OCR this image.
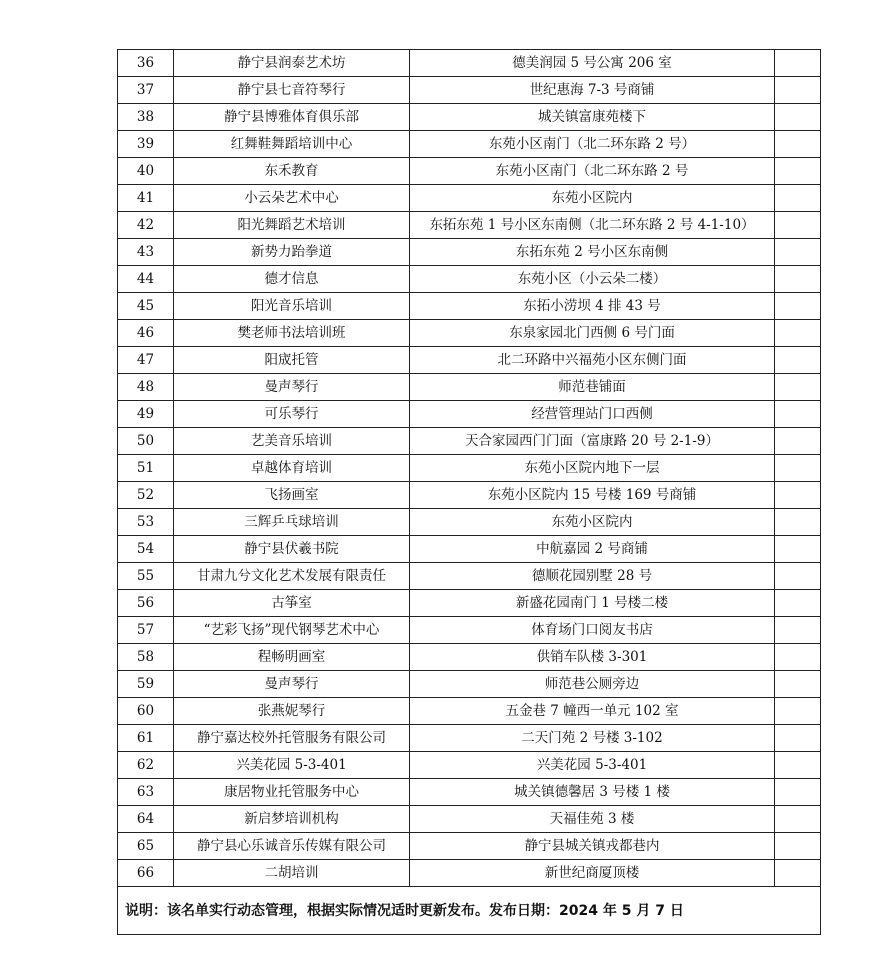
36	静宁县润泰艺术坊	德美润园 5 号公寓 206 室	
37	静宁县七音符琴行	世纪惠海 7-3 号商铺	
38	静宁县博雅体育俱乐部	城关镇富康苑楼下	
39	红舞鞋舞蹈培训中心	东苑小区南门（北二环东路 2 号）	
40	东禾教育	东苑小区南门（北二环东路 2 号	
41	小云朵艺术中心	东苑小区院内	
42	阳光舞蹈艺术培训	东拓东苑 1 号小区东南侧（北二环东路 2 号 4-1-10）	
43	新势力跆拳道	东拓东苑 2 号小区东南侧	
44	德才信息	东苑小区（小云朵二楼）	
45	阳光音乐培训	东拓小涝坝 4 排 43 号	
46	樊老师书法培训班	东泉家园北门西侧 6 号门面	
47	阳宬托管	北二环路中兴福苑小区东侧门面	
48	曼声琴行	师范巷铺面	
49	可乐琴行	经营管理站门口西侧	
50	艺美音乐培训	天合家园西门门面（富康路 20 号 2-1-9）	
51	卓越体育培训	东苑小区院内地下一层	
52	飞扬画室	东苑小区院内 15 号楼 169 号商铺	
53	三辉乒乓球培训	东苑小区院内	
54	静宁县伏羲书院	中航嘉园 2 号商铺	
55	甘肃九兮文化艺术发展有限责任	德顺花园别墅 28 号	
56	古筝室	新盛花园南门 1 号楼二楼	
57	“艺彩飞扬”现代钢琴艺术中心	体育场门口阅友书店	
58	程畅明画室	供销车队楼 3-301	
59	曼声琴行	师范巷公厕旁边	
60	张燕妮琴行	五金巷 7 幢西一单元 102 室	
61	静宁嘉达校外托管服务有限公司	二天门苑 2 号楼 3-102	
62	兴美花园 5-3-401	兴美花园 5-3-401	
63	康居物业托管服务中心	城关镇德馨居 3 号楼 1 楼	
64	新启梦培训机构	天福佳苑 3 楼	
65	静宁县心乐诚音乐传媒有限公司	静宁县城关镇戎都巷内	
66	二胡培训	新世纪商厦顶楼	
说明：该名单实行动态管理，根据实际情况适时更新发布。发布日期：2024 年 5 月 7 日			
